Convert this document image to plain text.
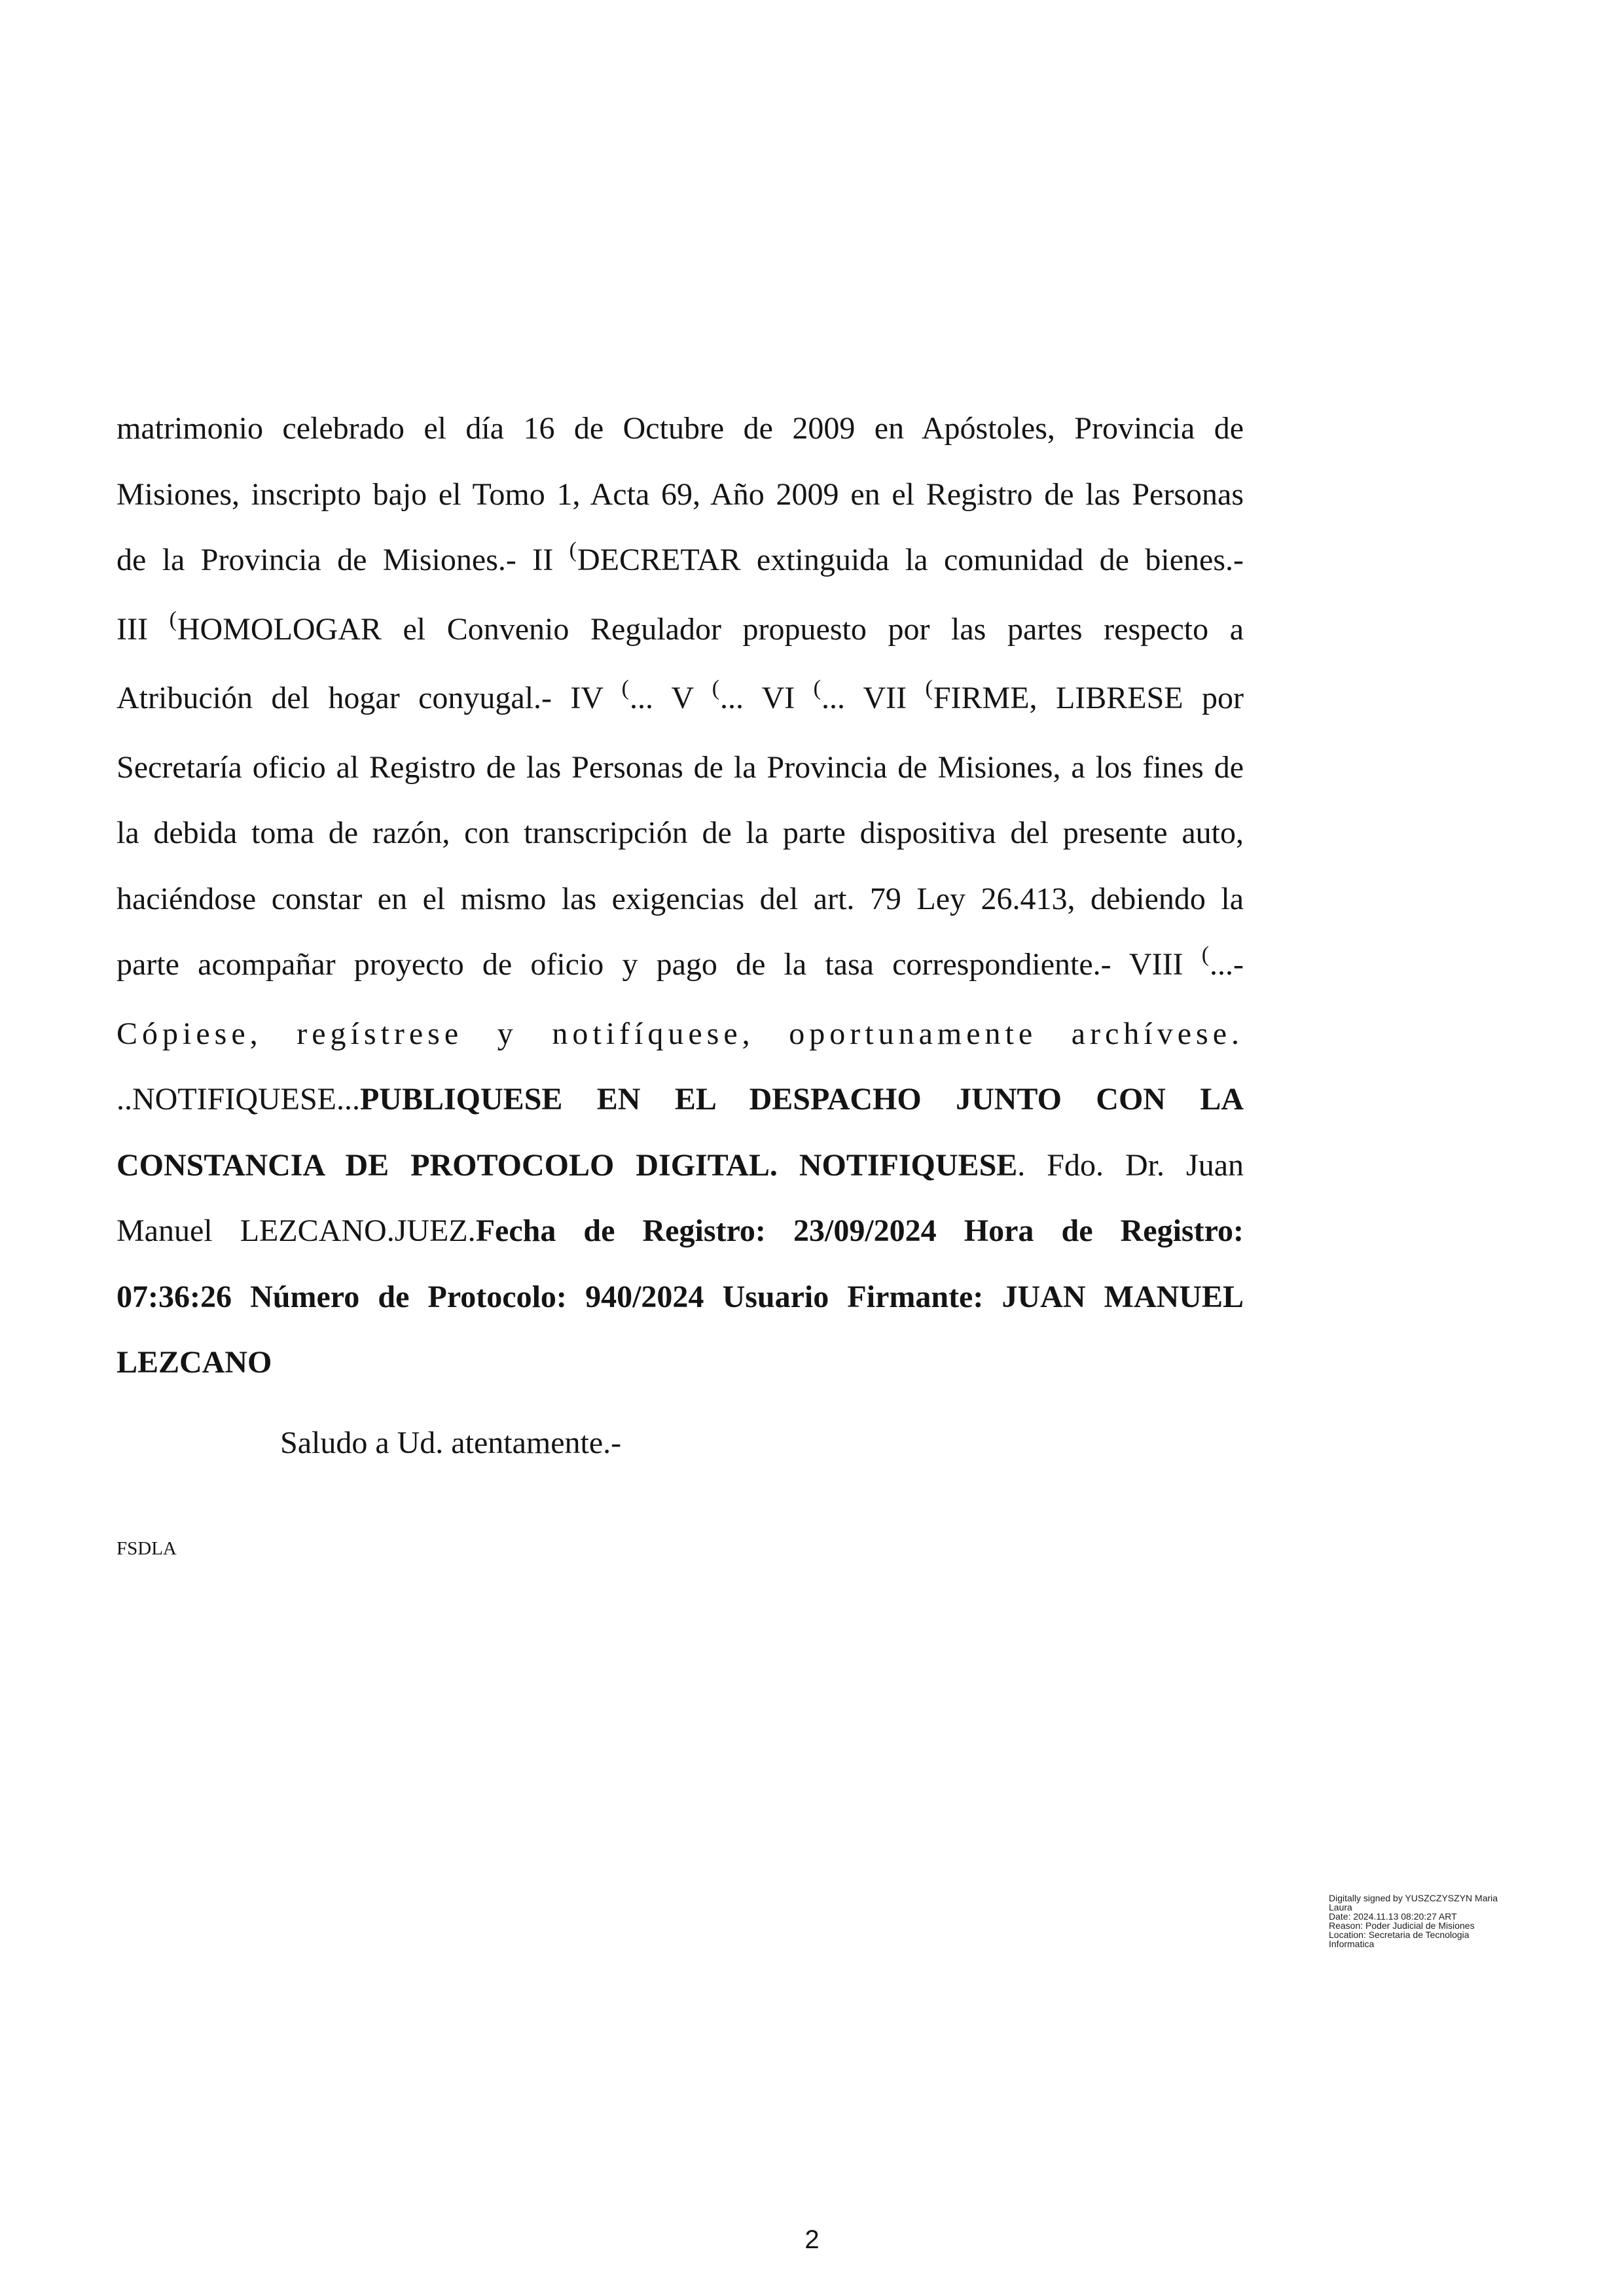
matrimonio celebrado el día 16 de Octubre de 2009 en Apóstoles, Provincia de
Misiones, inscripto bajo el Tomo 1, Acta 69, Año 2009 en el Registro de las Personas
de la Provincia de Misiones.- II (DECRETAR extinguida la comunidad de bienes.-
III (HOMOLOGAR el Convenio Regulador propuesto por las partes respecto a
Atribución del hogar conyugal.- IV (... V (... VI (... VII (FIRME, LIBRESE por
Secretaría oficio al Registro de las Personas de la Provincia de Misiones, a los fines de
la debida toma de razón, con transcripción de la parte dispositiva del presente auto,
haciéndose constar en el mismo las exigencias del art. 79 Ley 26.413, debiendo la
parte acompañar proyecto de oficio y pago de la tasa correspondiente.- VIII (...-
Cópiese, regístrese y notifíquese, oportunamente archívese.
..NOTIFIQUESE...PUBLIQUESE EN EL DESPACHO JUNTO CON LA
CONSTANCIA DE PROTOCOLO DIGITAL. NOTIFIQUESE. Fdo. Dr. Juan
Manuel LEZCANO.JUEZ.Fecha de Registro: 23/09/2024 Hora de Registro:
07:36:26 Número de Protocolo: 940/2024 Usuario Firmante: JUAN MANUEL
LEZCANO
Saludo a Ud. atentamente.-
FSDLA
Digitally signed by YUSZCZYSZYN Maria
Laura
Date: 2024.11.13 08:20:27 ART
Reason: Poder Judicial de Misiones
Location: Secretaria de Tecnologia
Informatica
2
